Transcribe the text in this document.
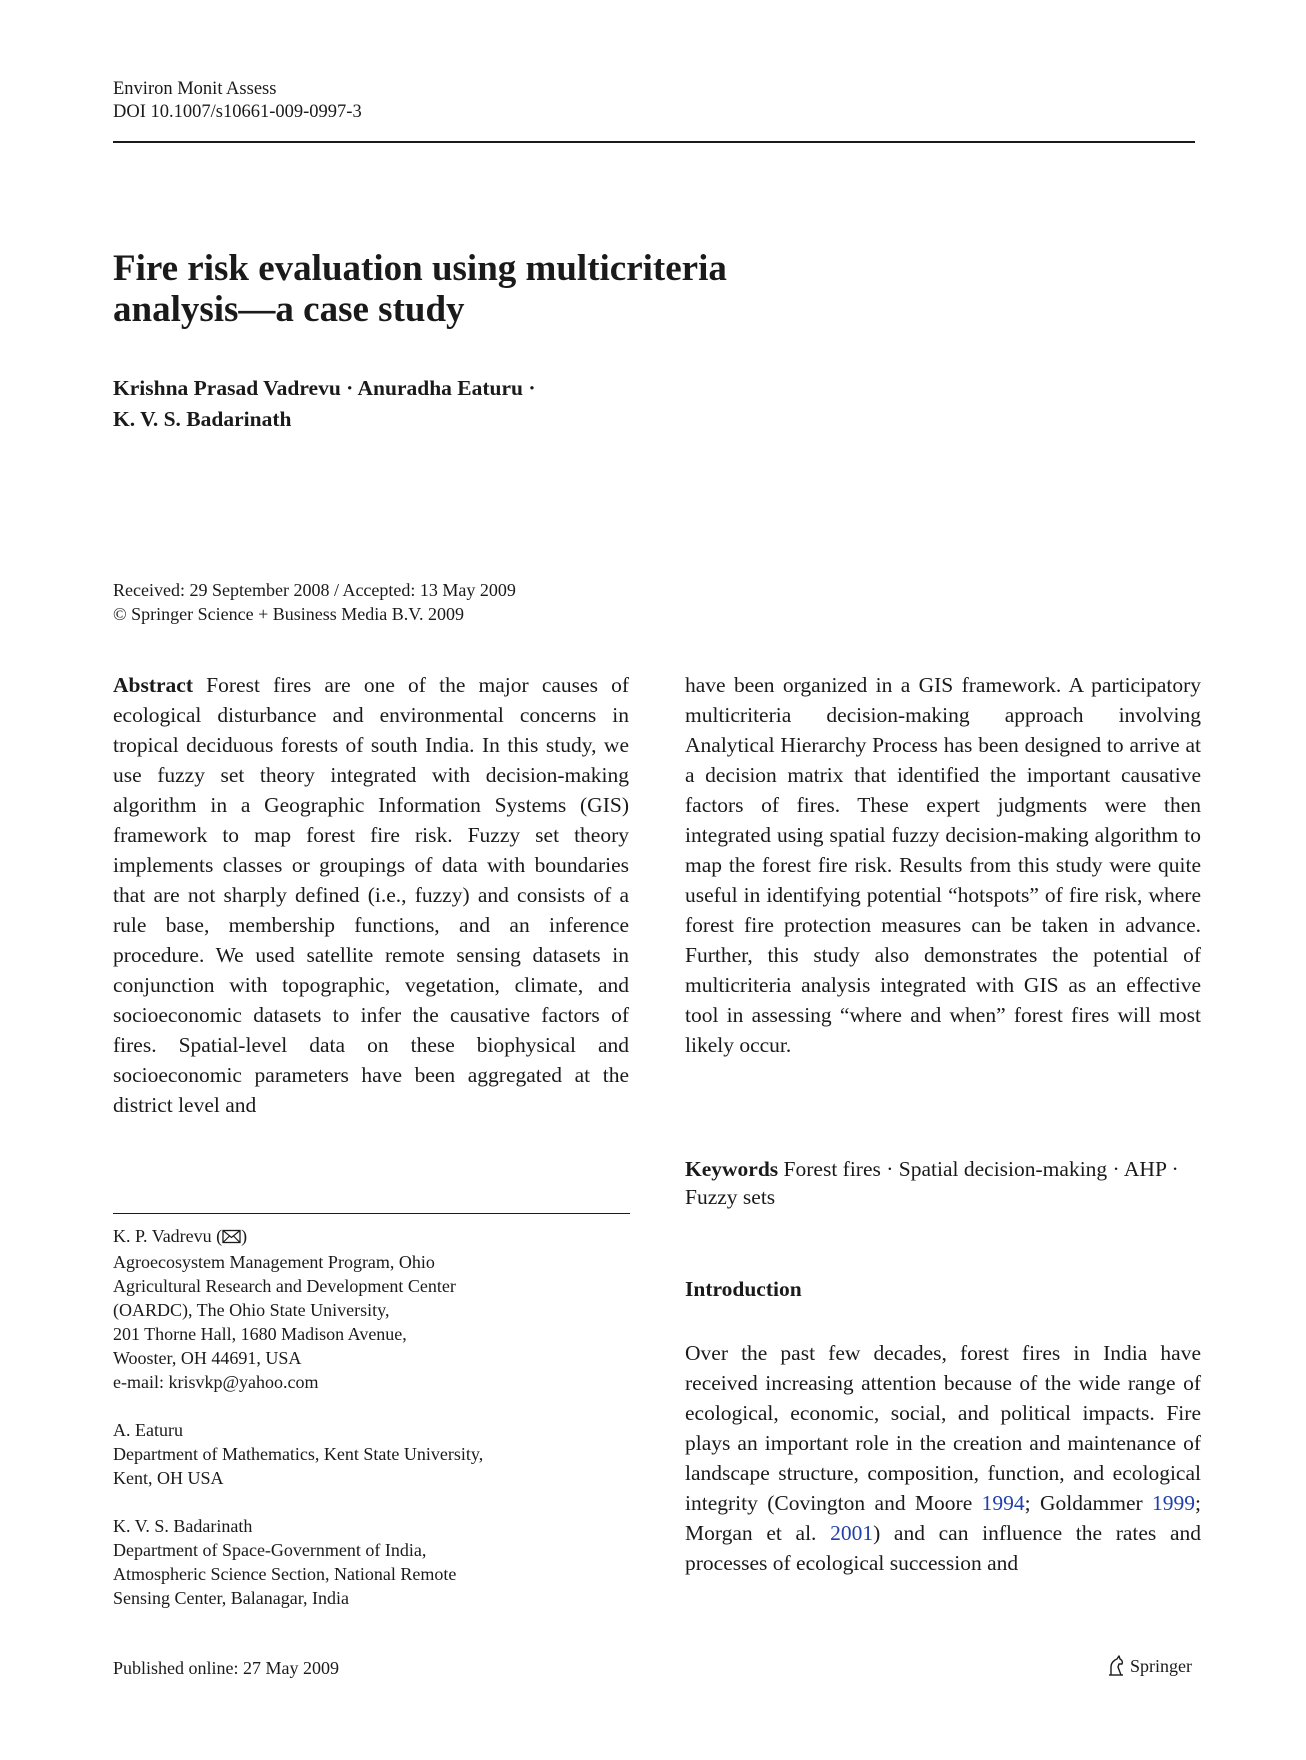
Environ Monit Assess
DOI 10.1007/s10661-009-0997-3
Fire risk evaluation using multicriteria
analysis—a case study
Krishna Prasad Vadrevu · Anuradha Eaturu ·
K. V. S. Badarinath
Received: 29 September 2008 / Accepted: 13 May 2009
© Springer Science + Business Media B.V. 2009
Abstract Forest fires are one of the major causes of ecological disturbance and environmental concerns in tropical deciduous forests of south India. In this study, we use fuzzy set theory integrated with decision-making algorithm in a Geographic Information Systems (GIS) framework to map forest fire risk. Fuzzy set theory implements classes or groupings of data with boundaries that are not sharply defined (i.e., fuzzy) and consists of a rule base, membership functions, and an inference procedure. We used satellite remote sensing datasets in conjunction with topographic, vegetation, climate, and socioeconomic datasets to infer the causative factors of fires. Spatial-level data on these biophysical and socioeconomic parameters have been aggregated at the district level and
have been organized in a GIS framework. A participatory multicriteria decision-making approach involving Analytical Hierarchy Process has been designed to arrive at a decision matrix that identified the important causative factors of fires. These expert judgments were then integrated using spatial fuzzy decision-making algorithm to map the forest fire risk. Results from this study were quite useful in identifying potential “hotspots” of fire risk, where forest fire protection measures can be taken in advance. Further, this study also demonstrates the potential of multicriteria analysis integrated with GIS as an effective tool in assessing “where and when” forest fires will most likely occur.
Keywords Forest fires · Spatial decision-making · AHP · Fuzzy sets
K. P. Vadrevu ( )
Agroecosystem Management Program, Ohio
Agricultural Research and Development Center
(OARDC), The Ohio State University,
201 Thorne Hall, 1680 Madison Avenue,
Wooster, OH 44691, USA
e-mail: krisvkp@yahoo.com
A. Eaturu
Department of Mathematics, Kent State University,
Kent, OH USA
K. V. S. Badarinath
Department of Space-Government of India,
Atmospheric Science Section, National Remote
Sensing Center, Balanagar, India
Introduction
Over the past few decades, forest fires in India have received increasing attention because of the wide range of ecological, economic, social, and political impacts. Fire plays an important role in the creation and maintenance of landscape structure, composition, function, and ecological integrity (Covington and Moore 1994; Goldammer 1999; Morgan et al. 2001) and can influence the rates and processes of ecological succession and
Published online: 27 May 2009	Springer
